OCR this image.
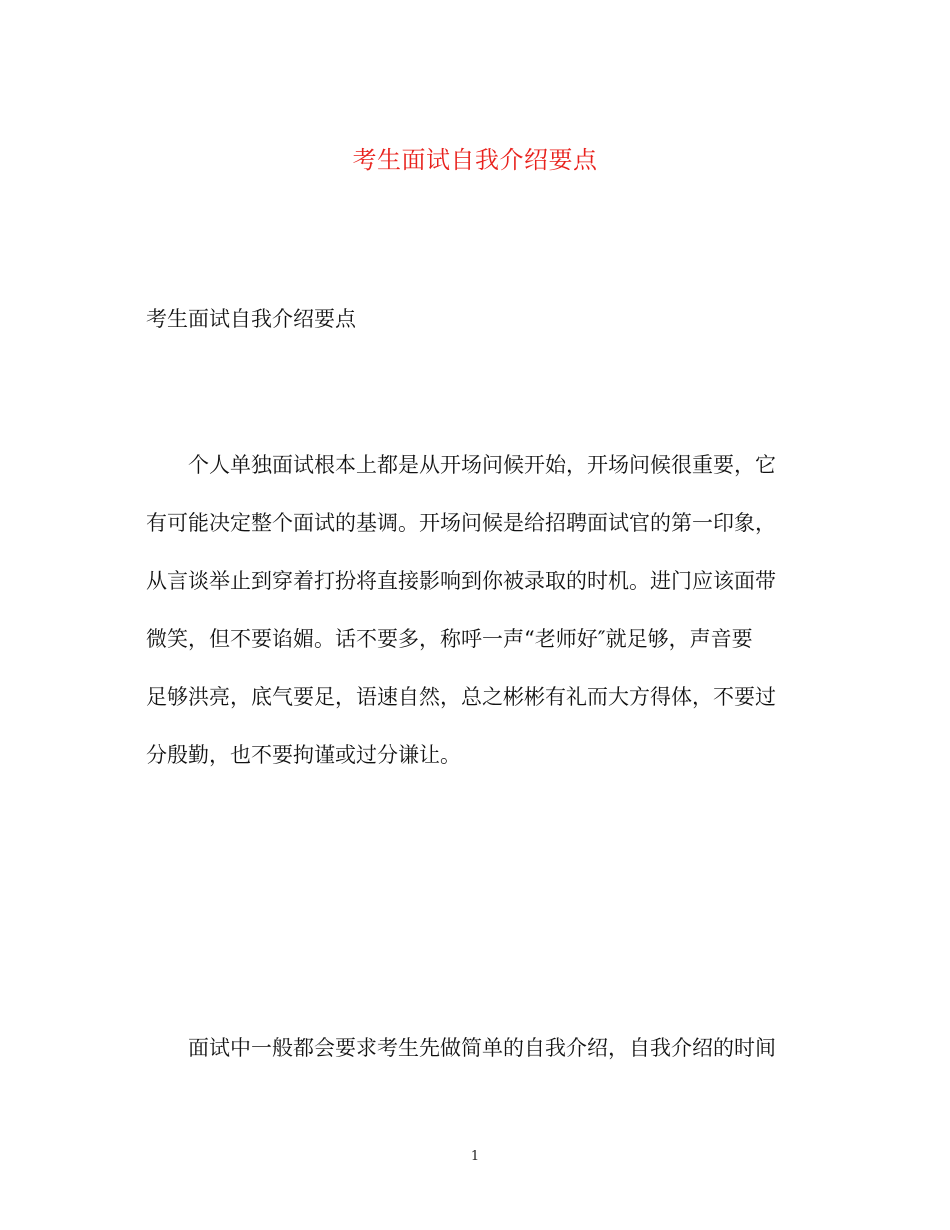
考生面试自我介绍要点
考生面试自我介绍要点
个人单独面试根本上都是从开场问候开始，开场问候很重要，它
有可能决定整个面试的基调。开场问候是给招聘面试官的第一印象，
从言谈举止到穿着打扮将直接影响到你被录取的时机。进门应该面带
微笑，但不要谄媚。话不要多，称呼一声“老师好″就足够，声音要
足够洪亮，底气要足，语速自然，总之彬彬有礼而大方得体，不要过
分殷勤，也不要拘谨或过分谦让。
面试中一般都会要求考生先做简单的自我介绍，自我介绍的时间
1
